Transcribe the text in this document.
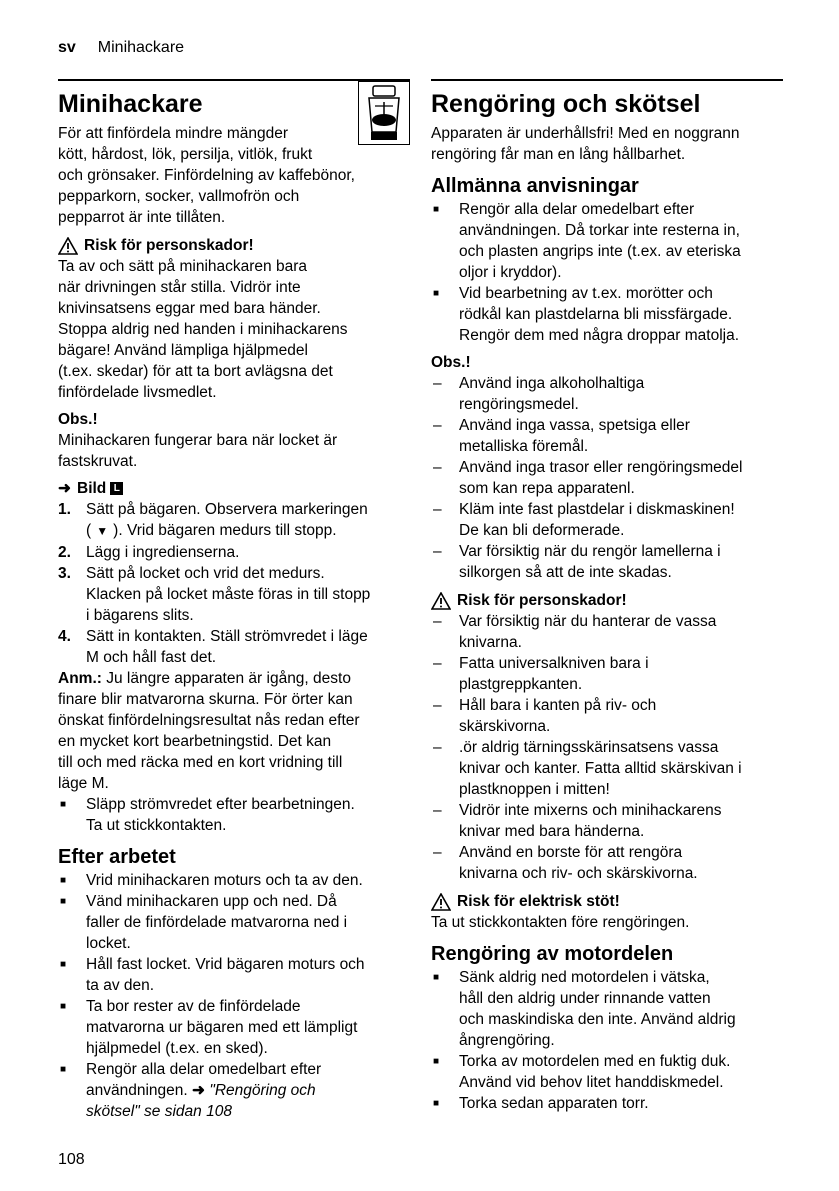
sv Minihackare
Minihackare

För att finfördela mindre mängder
kött, hårdost, lök, persilja, vitlök, frukt
och grönsaker. Finfördelning av kaffebönor,
pepparkorn, socker, vallmofrön och
pepparrot är inte tillåten.

Risk för personskador!

Ta av och sätt på minihackaren bara
när drivningen står stilla. Vidrör inte
knivinsatsens eggar med bara händer.
Stoppa aldrig ned handen i minihackarens
bägare! Använd lämpliga hjälpmedel
(t.ex. skedar) för att ta bort avlägsna det
finfördelade livsmedlet.

Obs.!

Minihackaren fungerar bara när locket är
fastskruvat.

➜ Bild L
1. Sätt på bägaren. Observera markeringen
( ▼ ). Vrid bägaren medurs till stopp.
2. Lägg i ingredienserna.
3. Sätt på locket och vrid det medurs.
Klacken på locket måste föras in till stopp
i bägarens slits.
4. Sätt in kontakten. Ställ strömvredet i läge
M och håll fast det.

Anm.: Ju längre apparaten är igång, desto
finare blir matvarorna skurna. För örter kan
önskat finfördelningsresultat nås redan efter
en mycket kort bearbetningstid. Det kan
till och med räcka med en kort vridning till
läge M.

■ Släpp strömvredet efter bearbetningen.
Ta ut stickkontakten.
Efter arbetet
■ Vrid minihackaren moturs och ta av den.
■ Vänd minihackaren upp och ned. Då
faller de finfördelade matvarorna ned i
locket.
■ Håll fast locket. Vrid bägaren moturs och
ta av den.
■ Ta bor rester av de finfördelade
matvarorna ur bägaren med ett lämpligt
hjälpmedel (t.ex. en sked).
■ Rengör alla delar omedelbart efter
användningen. ➜ "Rengöring och
skötsel" se sidan 108
Rengöring och skötsel

Apparaten är underhållsfri! Med en noggrann
rengöring får man en lång hållbarhet.

Allmänna anvisningar
■ Rengör alla delar omedelbart efter
användningen. Då torkar inte resterna in,
och plasten angrips inte (t.ex. av eteriska
oljor i kryddor).
■ Vid bearbetning av t.ex. morötter och
rödkål kan plastdelarna bli missfärgade.
Rengör dem med några droppar matolja.
Obs.!
– Använd inga alkoholhaltiga
rengöringsmedel.
– Använd inga vassa, spetsiga eller
metalliska föremål.
– Använd inga trasor eller rengöringsmedel
som kan repa apparatenl.
– Kläm inte fast plastdelar i diskmaskinen!
De kan bli deformerade.
– Var försiktig när du rengör lamellerna i
silkorgen så att de inte skadas.
Risk för personskador!
– Var försiktig när du hanterar de vassa
knivarna.
– Fatta universalkniven bara i
plastgreppkanten.
– Håll bara i kanten på riv- och
skärskivorna.
– .ör aldrig tärningsskärinsatsens vassa
knivar och kanter. Fatta alltid skärskivan i
plastknoppen i mitten!
– Vidrör inte mixerns och minihackarens
knivar med bara händerna.
– Använd en borste för att rengöra
knivarna och riv- och skärskivorna.
Risk för elektrisk stöt!

Ta ut stickkontakten före rengöringen.

Rengöring av motordelen
■ Sänk aldrig ned motordelen i vätska,
håll den aldrig under rinnande vatten
och maskindiska den inte. Använd aldrig
ångrengöring.
■ Torka av motordelen med en fuktig duk.
Använd vid behov litet handdiskmedel.
■ Torka sedan apparaten torr.
108
